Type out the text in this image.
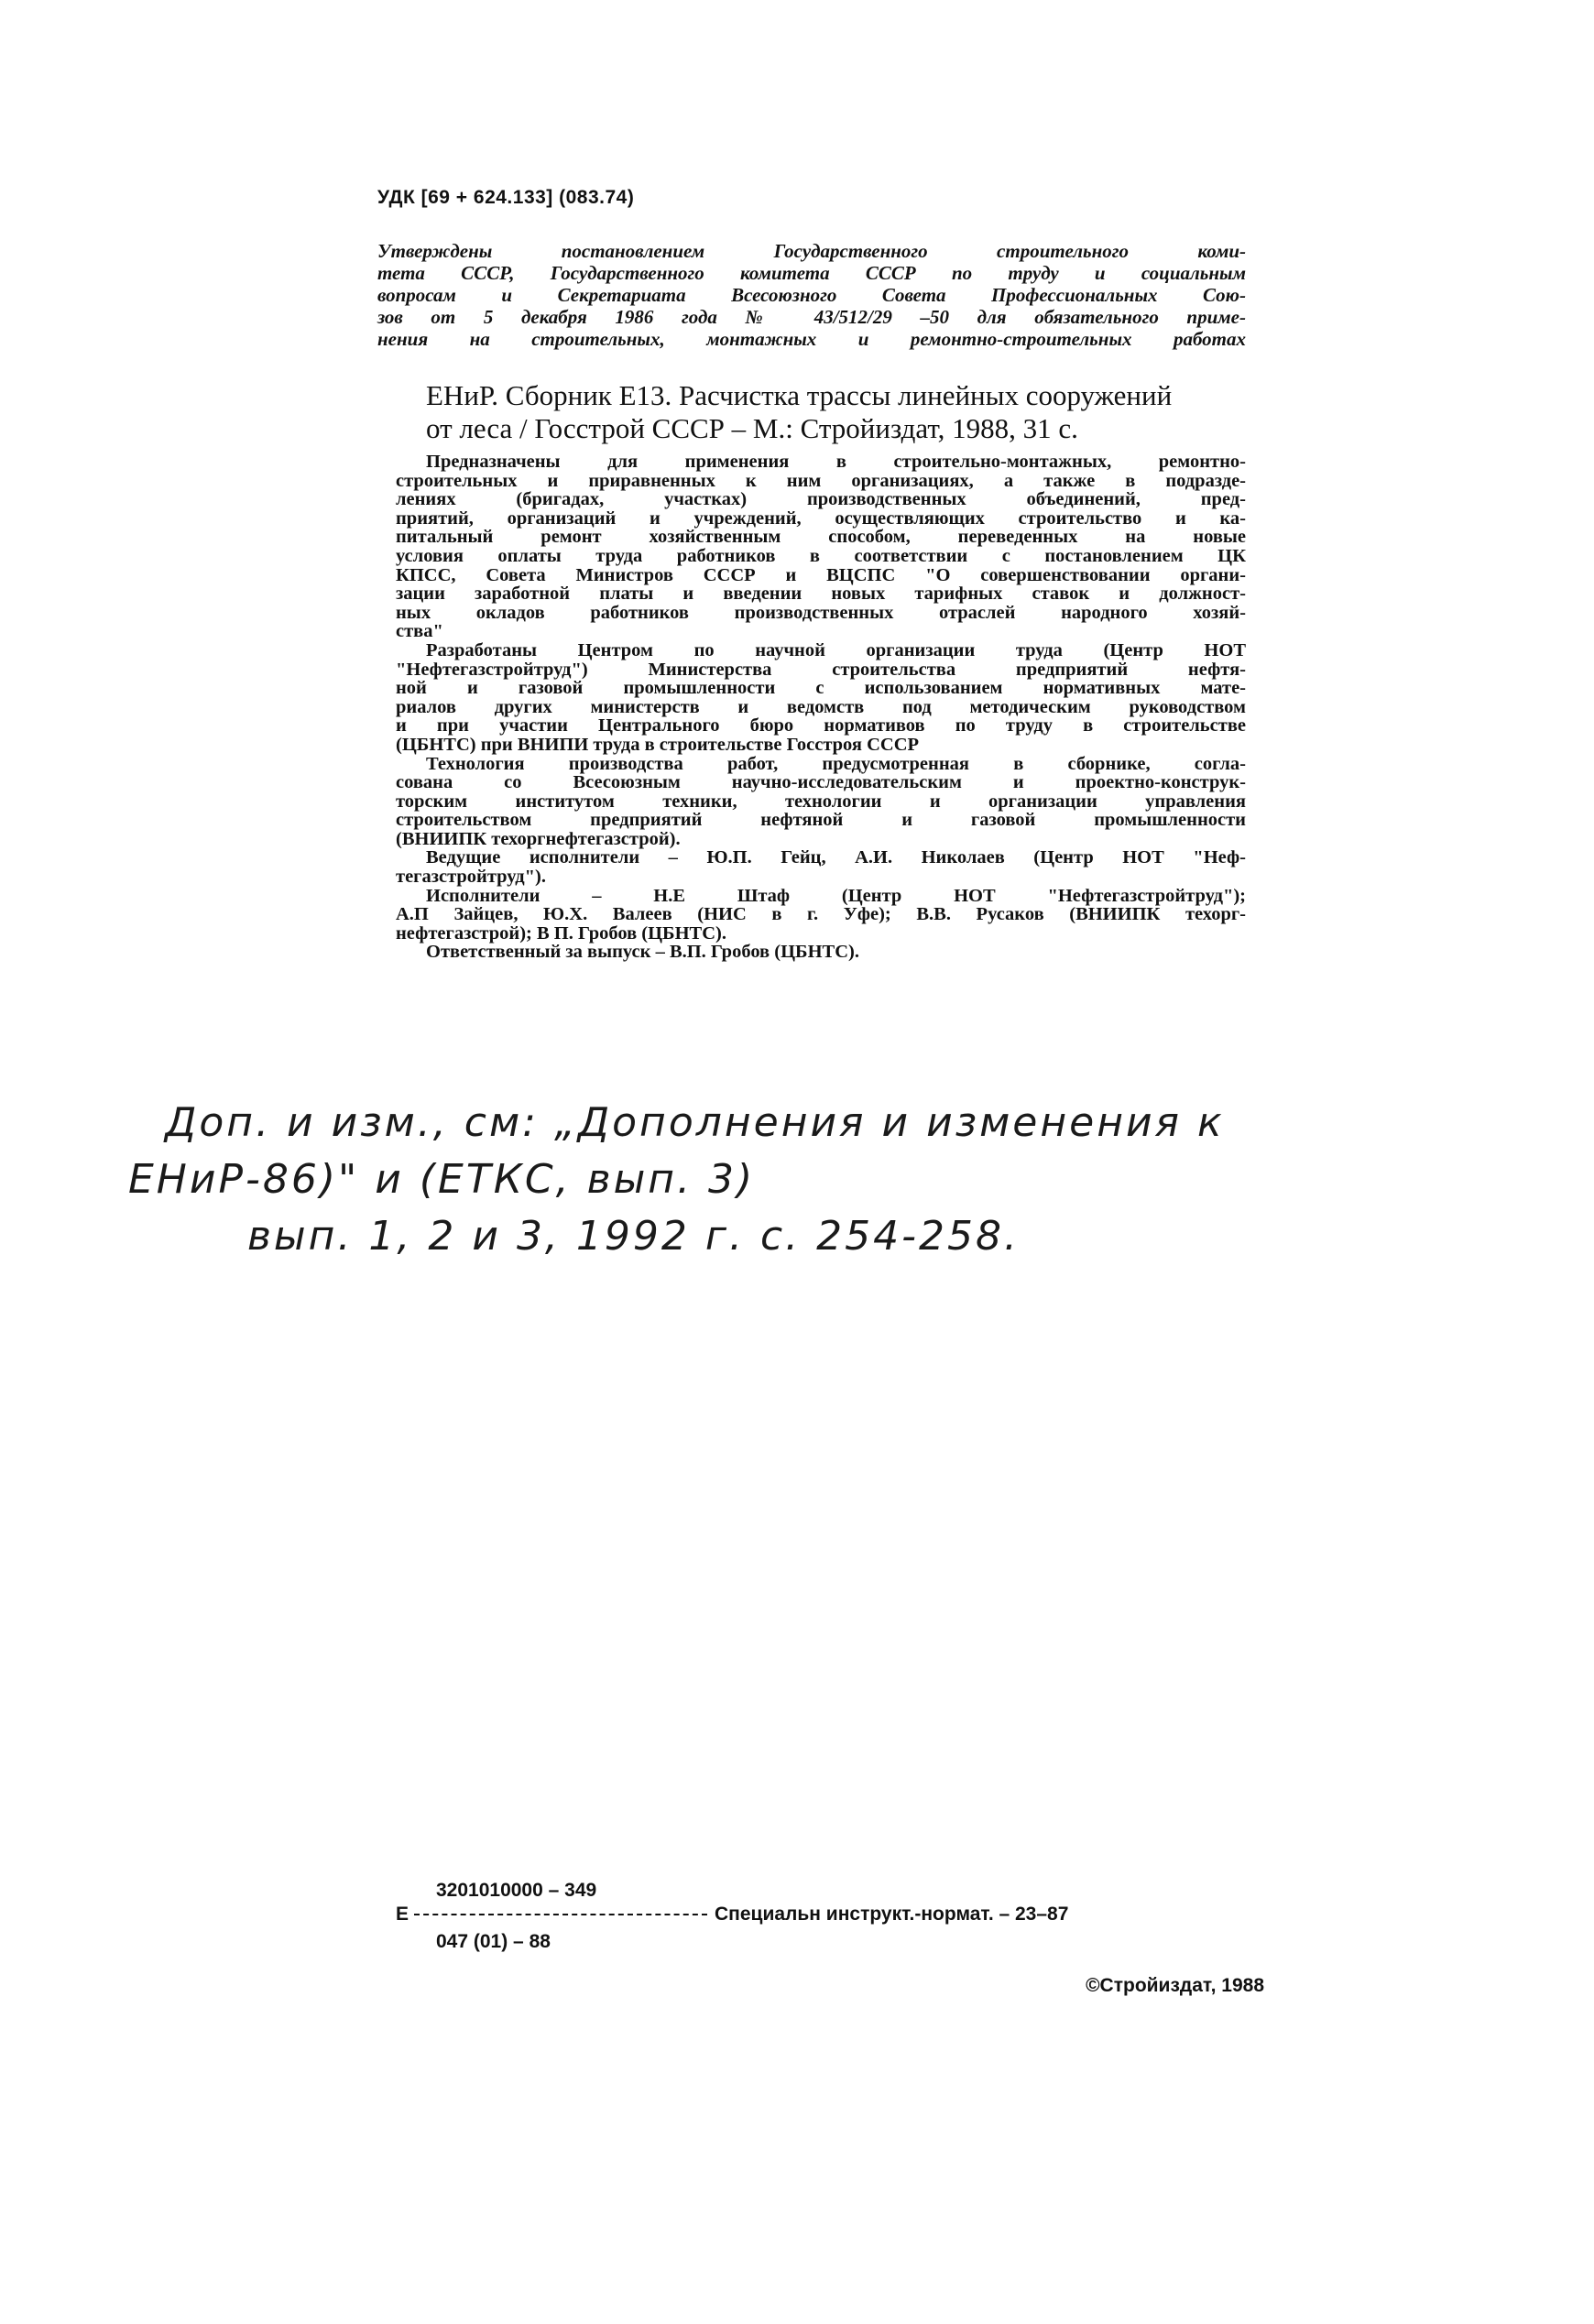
УДК [69 + 624.133] (083.74)
Утверждены постановлением Государственного строительного коми-
тета СССР, Государственного комитета СССР по труду и социальным
вопросам и Секретариата Всесоюзного Совета Профессиональных Сою-
зов от 5 декабря 1986 года № 43/512/29 –50 для обязательного приме-
нения на строительных, монтажных и ремонтно-строительных работах
ЕНиР. Сборник Е13. Расчистка трассы линейных сооружений
от леса / Госстрой СССР – М.: Стройиздат, 1988, 31 с.
Предназначены для применения в строительно-монтажных, ремонтно-
строительных и приравненных к ним организациях, а также в подразде-
лениях (бригадах, участках) производственных объединений, пред-
приятий, организаций и учреждений, осуществляющих строительство и ка-
питальный ремонт хозяйственным способом, переведенных на новые
условия оплаты труда работников в соответствии с постановлением ЦК
КПСС, Совета Министров СССР и ВЦСПС "О совершенствовании органи-
зации заработной платы и введении новых тарифных ставок и должност-
ных окладов работников производственных отраслей народного хозяй-
ства"
Разработаны Центром по научной организации труда (Центр НОТ
"Нефтегазстройтруд") Министерства строительства предприятий нефтя-
ной и газовой промышленности с использованием нормативных мате-
риалов других министерств и ведомств под методическим руководством
и при участии Центрального бюро нормативов по труду в строительстве
(ЦБНТС) при ВНИПИ труда в строительстве Госстроя СССР
Технология производства работ, предусмотренная в сборнике, согла-
сована со Всесоюзным научно-исследовательским и проектно-конструк-
торским институтом техники, технологии и организации управления
строительством предприятий нефтяной и газовой промышленности
(ВНИИПК техоргнефтегазстрой).
Ведущие исполнители – Ю.П. Гейц, А.И. Николаев (Центр НОТ "Неф-
тегазстройтруд").
Исполнители – Н.Е Штаф (Центр НОТ "Нефтегазстройтруд");
А.П Зайцев, Ю.Х. Валеев (НИС в г. Уфе); В.В. Русаков (ВНИИПК техорг-
нефтегазстрой); В П. Гробов (ЦБНТС).
Ответственный за выпуск – В.П. Гробов (ЦБНТС).
Доп. и изм., см: „Дополнения и изменения к
ЕНиР-86)" и (ЕТКС, вып. 3)
вып. 1, 2 и 3, 1992 г. с. 254-258.
3201010000 – 349
Е	Специальн инструкт.-нормат. – 23–87
047 (01) – 88
©Стройиздат, 1988
